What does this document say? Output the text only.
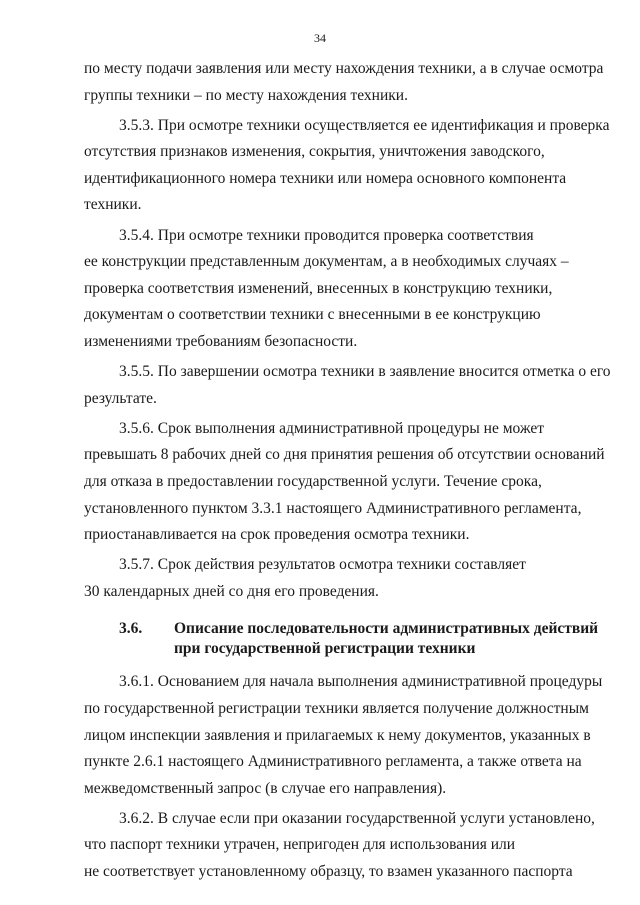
34

по месту подачи заявления или месту нахождения техники, а в случае осмотра
группы техники – по месту нахождения техники.

3.5.3. При осмотре техники осуществляется ее идентификация и проверка
отсутствия признаков изменения, сокрытия, уничтожения заводского,
идентификационного номера техники или номера основного компонента
техники.

3.5.4. При осмотре техники проводится проверка соответствия
ее конструкции представленным документам, а в необходимых случаях –
проверка соответствия изменений, внесенных в конструкцию техники,
документам о соответствии техники с внесенными в ее конструкцию
изменениями требованиям безопасности.

3.5.5. По завершении осмотра техники в заявление вносится отметка о его
результате.

3.5.6. Срок выполнения административной процедуры не может
превышать 8 рабочих дней со дня принятия решения об отсутствии оснований
для отказа в предоставлении государственной услуги. Течение срока,
установленного пунктом 3.3.1 настоящего Административного регламента,
приостанавливается на срок проведения осмотра техники.

3.5.7. Срок действия результатов осмотра техники составляет
30 календарных дней со дня его проведения.

3.6.	Описание последовательности административных действий
при государственной регистрации техники

3.6.1. Основанием для начала выполнения административной процедуры
по государственной регистрации техники является получение должностным
лицом инспекции заявления и прилагаемых к нему документов, указанных в
пункте 2.6.1 настоящего Административного регламента, а также ответа на
межведомственный запрос (в случае его направления).

3.6.2. В случае если при оказании государственной услуги установлено,
что паспорт техники утрачен, непригоден для использования или
не соответствует установленному образцу, то взамен указанного паспорта
